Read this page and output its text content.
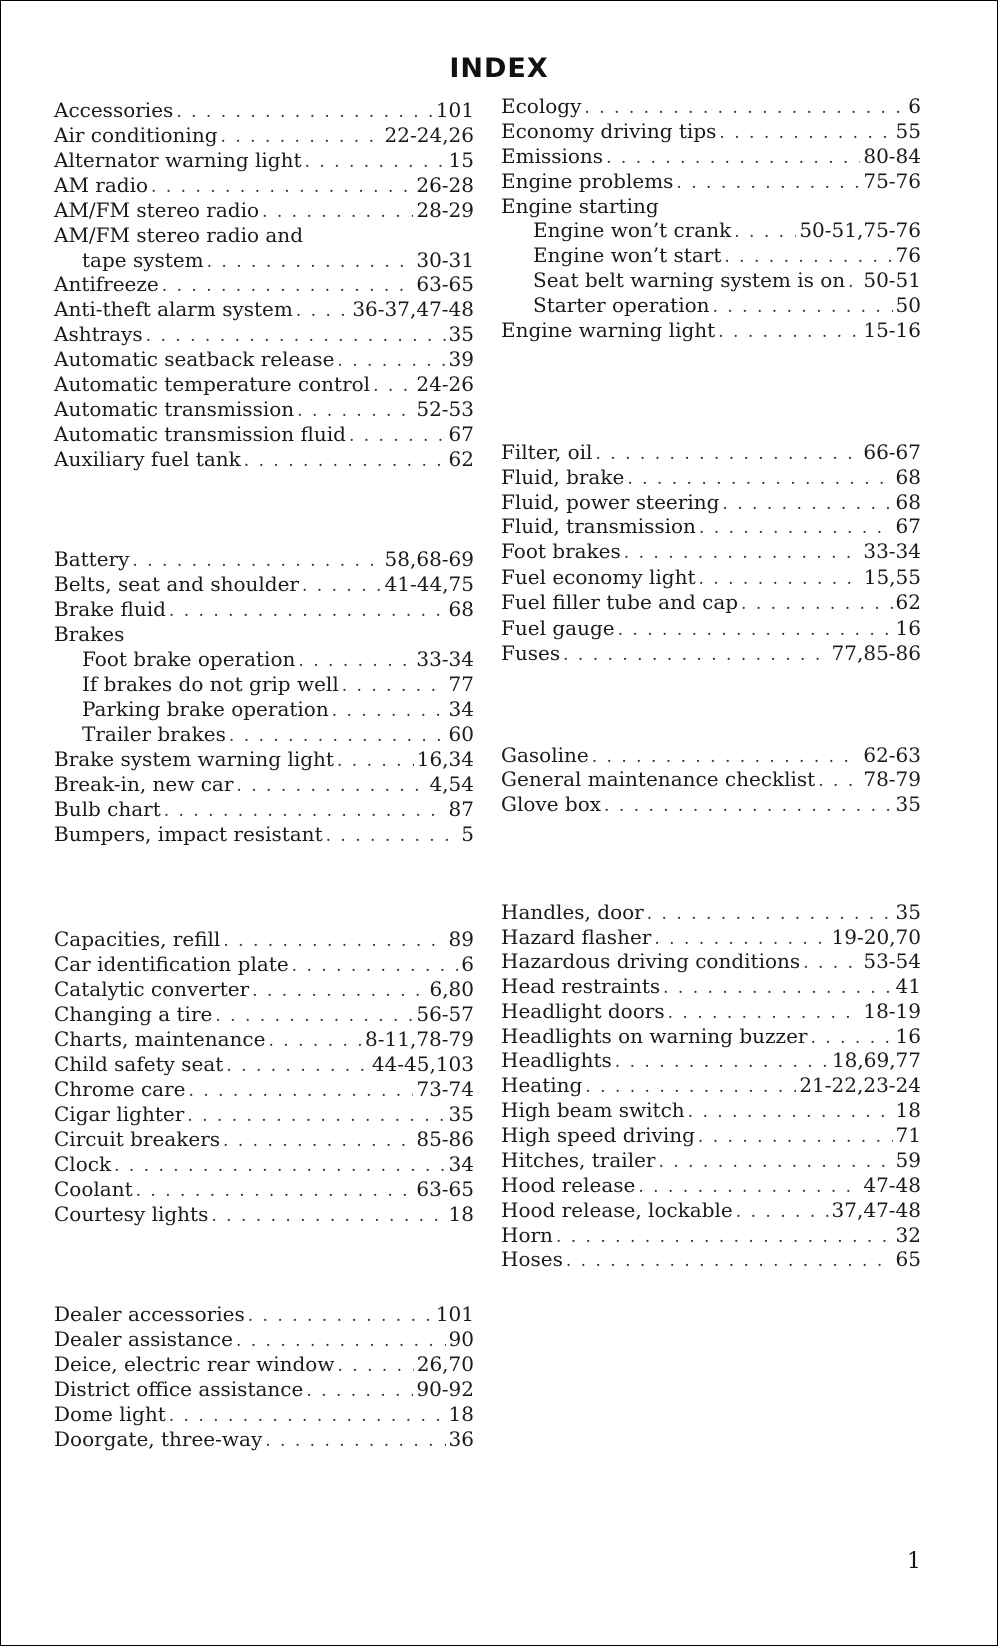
INDEX
Accessories . . .	101
Air conditioning . . .	22-24,26
Alternator warning light . . .	15
AM radio . . .	26-28
AM/FM stereo radio . . .	28-29
AM/FM stereo radio and
tape system . . .	30-31
Antifreeze . . .	63-65
Anti-theft alarm system . . .	36-37,47-48
Ashtrays . . .	35
Automatic seatback release . . .	39
Automatic temperature control . . . 24-26
Automatic transmission . . .	52-53
Automatic transmission fluid . . .	67
Auxiliary fuel tank . . .	62
Battery . . .	58,68-69
Belts, seat and shoulder . . .	41-44,75
Brake fluid . . .	68
Brakes
Foot brake operation . . .	33-34
If brakes do not grip well . . .	77
Parking brake operation . . .	34
Trailer brakes . . .	60
Brake system warning light . . .	16,34
Break-in, new car . . .	4,54
Bulb chart . . .	87
Bumpers, impact resistant . . .	5
Capacities, refill . . .	89
Car identification plate . . .	6
Catalytic converter . . .	6,80
Changing a tire . . .	56-57
Charts, maintenance . . .	8-11,78-79
Child safety seat . . .	44-45,103
Chrome care . . .	73-74
Cigar lighter . . .	35
Circuit breakers . . .	85-86
Clock . . .	34
Coolant . . .	63-65
Courtesy lights . . .	18
Dealer accessories . . .	101
Dealer assistance . . .	90
Deice, electric rear window . . .	26,70
District office assistance . . .	90-92
Dome light . . .	18
Doorgate, three-way . . .	36
Ecology . . .	6
Economy driving tips . . .	55
Emissions . . .	80-84
Engine problems . . .	75-76
Engine starting
Engine won’t crank . . .	50-51,75-76
Engine won’t start . . .	76
Seat belt warning system is on . . . 50-51
Starter operation . . .	50
Engine warning light . . .	15-16
Filter, oil . . .	66-67
Fluid, brake . . .	68
Fluid, power steering . . .	68
Fluid, transmission . . .	67
Foot brakes . . .	33-34
Fuel economy light . . .	15,55
Fuel filler tube and cap . . .	62
Fuel gauge . . .	16
Fuses . . .	77,85-86
Gasoline . . .	62-63
General maintenance checklist . . . 78-79
Glove box . . .	35
Handles, door . . .	35
Hazard flasher . . .	19-20,70
Hazardous driving conditions . . .	53-54
Head restraints . . .	41
Headlight doors . . .	18-19
Headlights on warning buzzer . . .	16
Headlights . . .	18,69,77
Heating . . .	21-22,23-24
High beam switch . . .	18
High speed driving . . .	71
Hitches, trailer . . .	59
Hood release . . .	47-48
Hood release, lockable . . .	37,47-48
Horn . . .	32
Hoses . . .	65
1
